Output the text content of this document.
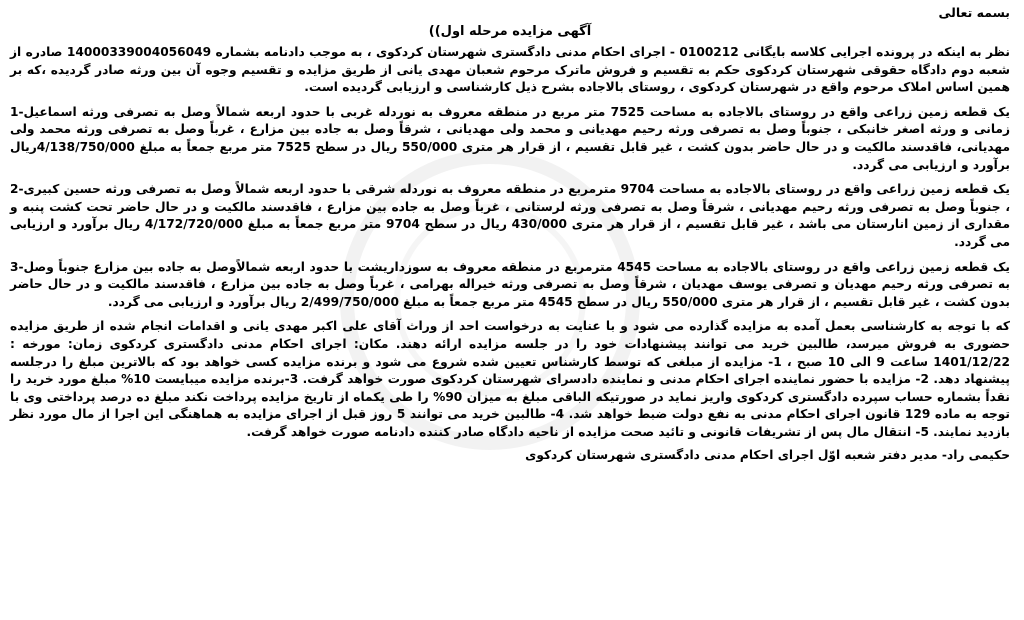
بسمه تعالی
آگهی مزایده مرحله اول))

نظر به اینکه در پرونده اجرایی کلاسه بایگانی 0100212 - اجرای احکام مدنی دادگستری شهرستان کردکوی ، به موجب دادنامه بشماره 14000339004056049 صادره از شعبه دوم دادگاه حقوقی شهرستان کردکوی حکم به تقسیم و فروش ماترک مرحوم شعبان مهدی یانی از طریق مزایده و تقسیم وجوه آن بین ورثه صادر گردیده ،که بر همین اساس املاک مرحوم واقع در شهرستان کردکوی ، روستای بالاجاده بشرح ذیل کارشناسی و ارزیابی گردیده است.

یک قطعه زمین زراعی واقع در روستای بالاجاده به مساحت 7525 متر مربع در منطقه معروف به نوردله غربی با حدود اربعه شمالاً وصل به تصرفی ورثه اسماعیل-1 زمانی و ورثه اصغر خانبکی ، جنوباً وصل به تصرفی ورثه رحیم مهدیانی و محمد ولی مهدیانی ، شرقاً وصل به جاده بین مزارع ، غرباً وصل به تصرفی ورثه محمد ولی مهدیانی، فاقدسند مالکیت و در حال حاضر بدون کشت ، غیر قابل تقسیم ، از قرار هر متری 550/000 ریال در سطح 7525 متر مربع جمعاً به مبلغ 4/138/750/000ریال برآورد و ارزیابی می گردد.

یک قطعه زمین زراعی واقع در روستای بالاجاده به مساحت 9704 مترمربع در منطقه معروف به نوردله شرقی با حدود اربعه شمالاً وصل به تصرفی ورثه حسین کبیری-2 ، جنوباً وصل به تصرفی ورثه رحیم مهدیانی ، شرقاً وصل به تصرفی ورثه لرستانی ، غرباً وصل به جاده بین مزارع ، فاقدسند مالکیت و در حال حاضر تحت کشت پنبه و مقداری از زمین انارستان می باشد ، غیر قابل تقسیم ، از قرار هر متری 430/000 ریال در سطح 9704 متر مربع جمعاً به مبلغ 4/172/720/000 ریال برآورد و ارزیابی می گردد.

یک قطعه زمین زراعی واقع در روستای بالاجاده به مساحت 4545 مترمربع در منطقه معروف به سوزداریشت با حدود اربعه شمالاًوصل به جاده بین مزارع جنوباً وصل-3 به تصرفی ورثه رحیم مهدیان و تصرفی یوسف مهدیان ، شرقاً وصل به تصرفی ورثه خیراله بهرامی ، غرباً وصل به جاده بین مزارع ، فاقدسند مالکیت و در حال حاضر بدون کشت ، غیر قابل تقسیم ، از قرار هر متری 550/000 ریال در سطح 4545 متر مربع جمعاً به مبلغ 2/499/750/000 ریال برآورد و ارزیابی می گردد.

که با توجه به کارشناسی بعمل آمده به مزایده گذارده می شود و با عنایت به درخواست احد از وراث آقای علی اکبر مهدی یانی و اقدامات انجام شده از طریق مزایده حضوری به فروش میرسد، طالبین خرید می توانند پیشنهادات خود را در جلسه مزایده ارائه دهند. مکان: اجرای احکام مدنی دادگستری کردکوی زمان: مورخه : 1401/12/22 ساعت 9 الی 10 صبح ، 1- مزایده از مبلغی که توسط کارشناس تعیین شده شروع می شود و برنده مزایده کسی خواهد بود که بالاترین مبلغ را درجلسه پیشنهاد دهد. 2- مزایده با حضور نماینده اجرای احکام مدنی و نماینده دادسرای شهرستان کردکوی صورت خواهد گرفت. 3-برنده مزایده میبایست 10% مبلغ مورد خرید را نقداً بشماره حساب سپرده دادگستری کردکوی واریز نماید در صورتیکه الباقی مبلغ به میزان 90% را طی یکماه از تاریخ مزایده پرداخت نکند مبلغ ده درصد پرداختی وی با توجه به ماده 129 قانون اجرای احکام مدنی به نفع دولت ضبط خواهد شد. 4- طالبین خرید می توانند 5 روز قبل از اجرای مزایده به هماهنگی این اجرا از مال مورد نظر بازدید نمایند. 5- انتقال مال پس از تشریفات قانونی و تائید صحت مزایده از ناحیه دادگاه صادر کننده دادنامه صورت خواهد گرفت.

حکیمی راد- مدیر دفتر شعبه اوّل اجرای احکام مدنی دادگستری شهرستان کردکوی
